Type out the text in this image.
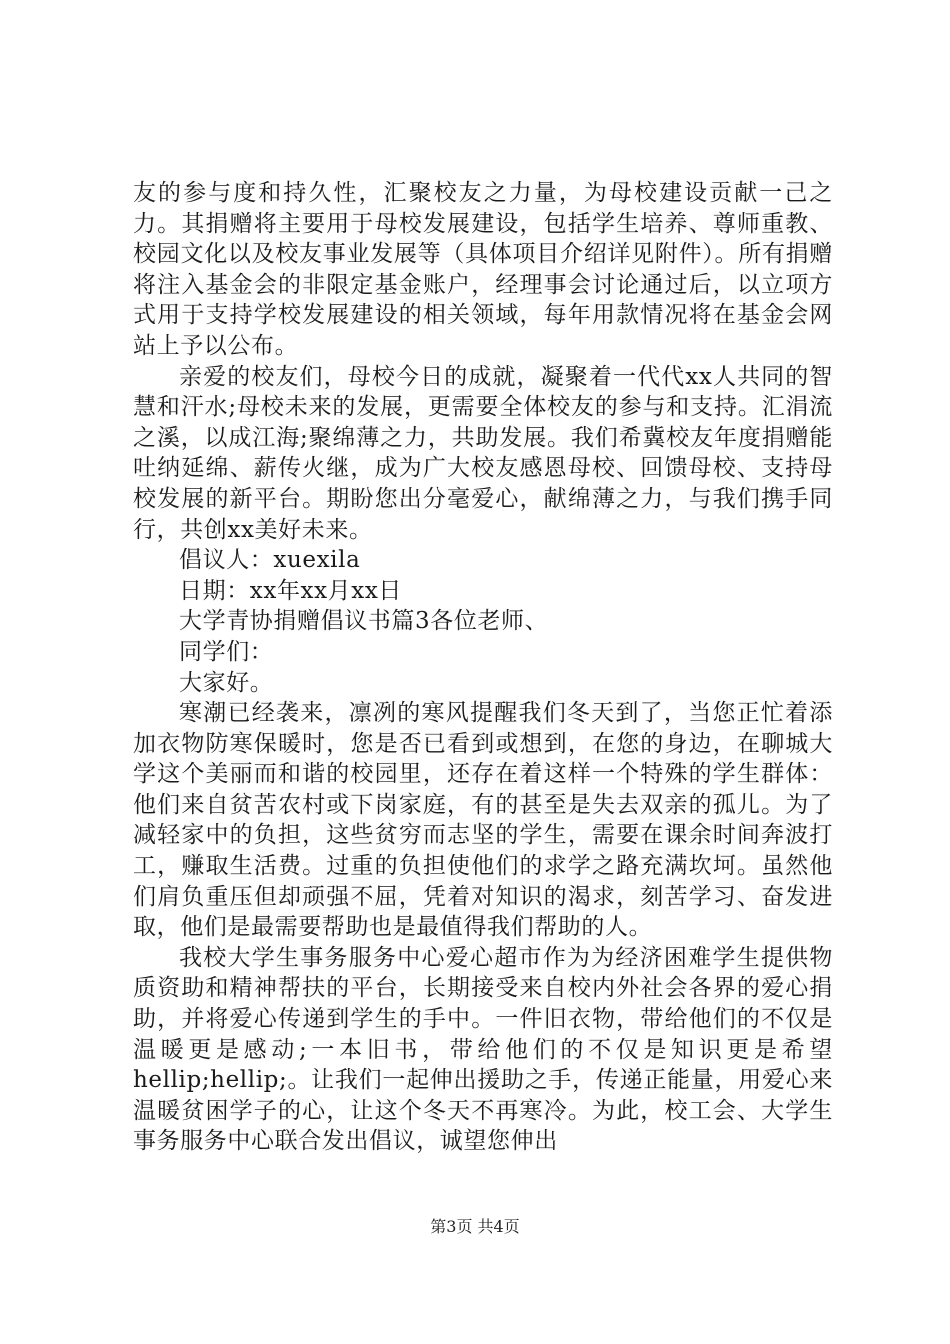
友的参与度和持久性，汇聚校友之力量，为母校建设贡献一己之力。其捐赠将主要用于母校发展建设，包括学生培养、尊师重教、校园文化以及校友事业发展等（具体项目介绍详见附件）。所有捐赠将注入基金会的非限定基金账户，经理事会讨论通过后，以立项方式用于支持学校发展建设的相关领域，每年用款情况将在基金会网站上予以公布。

亲爱的校友们，母校今日的成就，凝聚着一代代xx人共同的智慧和汗水;母校未来的发展，更需要全体校友的参与和支持。汇涓流之溪，以成江海;聚绵薄之力，共助发展。我们希冀校友年度捐赠能吐纳延绵、薪传火继，成为广大校友感恩母校、回馈母校、支持母校发展的新平台。期盼您出分毫爱心，献绵薄之力，与我们携手同行，共创xx美好未来。

倡议人：xuexila

日期：xx年xx月xx日

大学青协捐赠倡议书篇3各位老师、

同学们：

大家好。

寒潮已经袭来，凛冽的寒风提醒我们冬天到了，当您正忙着添加衣物防寒保暖时，您是否已看到或想到，在您的身边，在聊城大学这个美丽而和谐的校园里，还存在着这样一个特殊的学生群体：他们来自贫苦农村或下岗家庭，有的甚至是失去双亲的孤儿。为了减轻家中的负担，这些贫穷而志坚的学生，需要在课余时间奔波打工，赚取生活费。过重的负担使他们的求学之路充满坎坷。虽然他们肩负重压但却顽强不屈，凭着对知识的渴求，刻苦学习、奋发进取，他们是最需要帮助也是最值得我们帮助的人。

我校大学生事务服务中心爱心超市作为为经济困难学生提供物质资助和精神帮扶的平台，长期接受来自校内外社会各界的爱心捐助，并将爱心传递到学生的手中。一件旧衣物，带给他们的不仅是温暖更是感动;一本旧书，带给他们的不仅是知识更是希望hellip;hellip;。让我们一起伸出援助之手，传递正能量，用爱心来温暖贫困学子的心，让这个冬天不再寒冷。为此，校工会、大学生事务服务中心联合发出倡议，诚望您伸出

第3页 共4页
